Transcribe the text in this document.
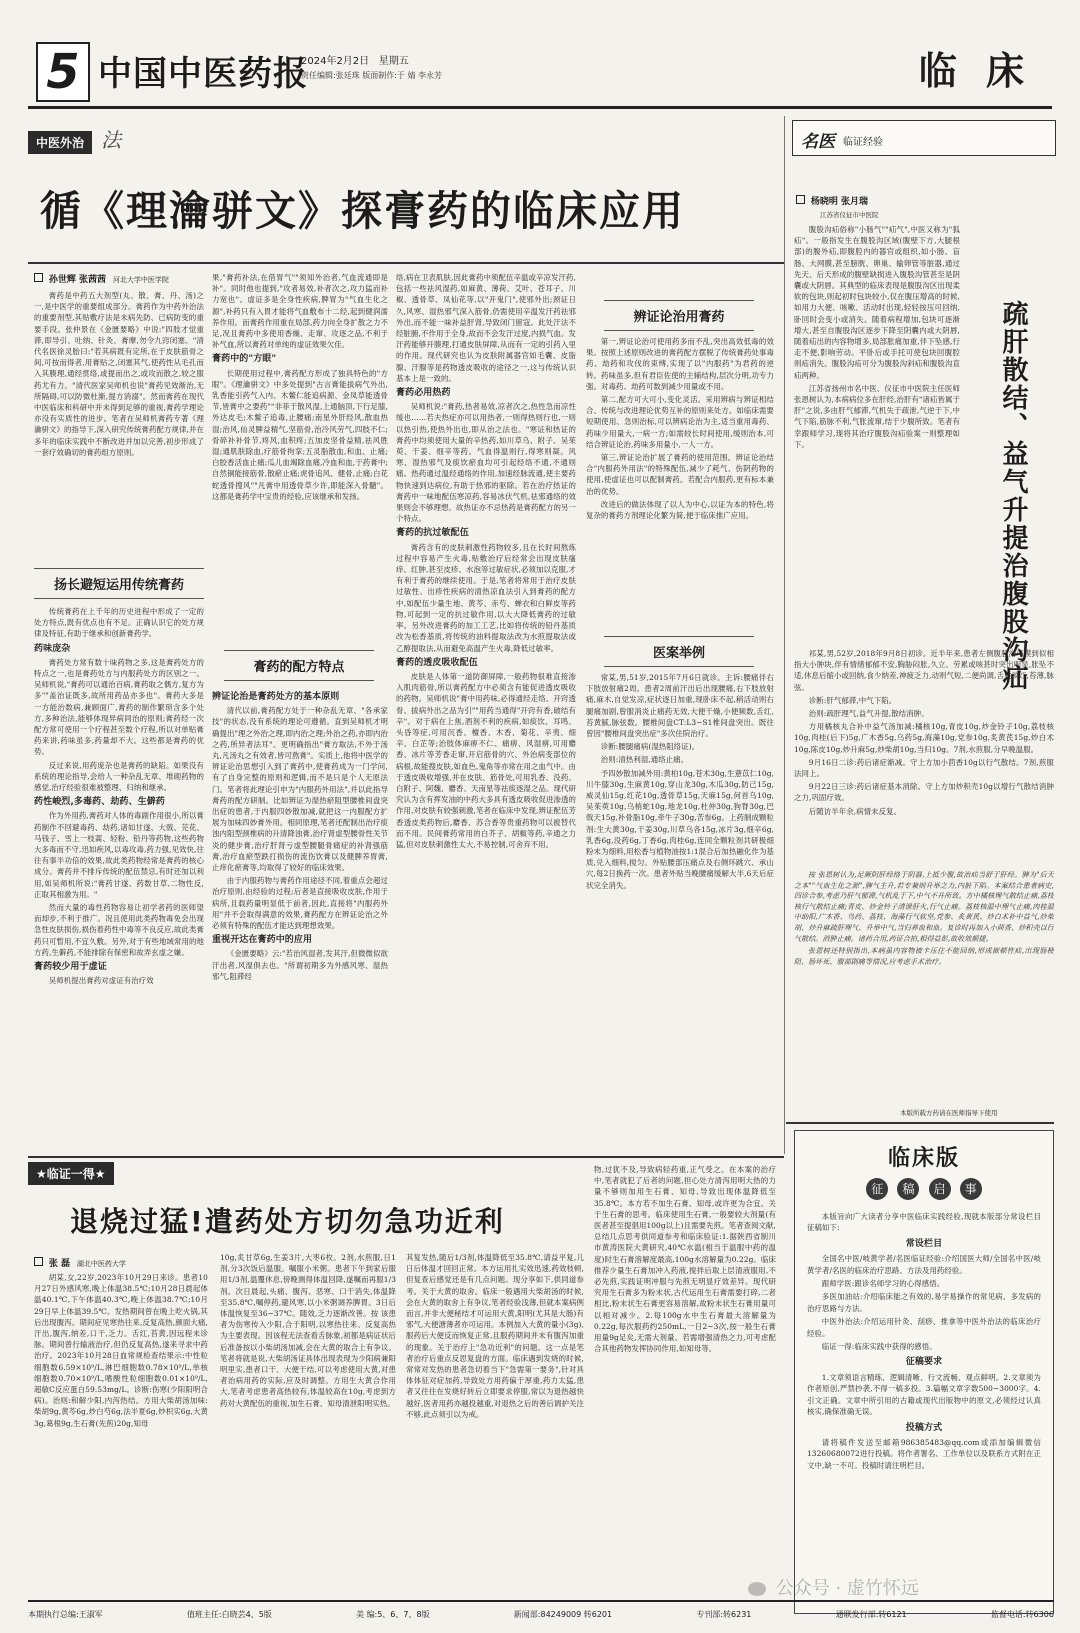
5 中国中医药报
2024年2月2日 星期五
责任编辑:张廷珠 版面制作:于 婧 李永芳	临 床
中医外治 法
循《理瀹骈文》探膏药的临床应用
孙世辉 张茜茜 河北大学中医学院

膏药是中药五大剂型(丸、散、膏、丹、汤)之一,是中医学的重要组成部分。膏药作为中药外治法的重要剂型,其贴敷疗法是未病先防、已病防变的重要手段。张仲景在《金匮要略》中说:"四肢才觉重滞,即导引、吐纳、针灸、膏摩,勿令九窍闭塞。"清代名医徐灵胎曰:"若其病既有定所,在于皮肤筋骨之间,可按而得者,用膏贴之,闭塞其气,使药性从毛孔而入其腠理,通经贯络,或提而出之,或攻而散之,较之服药尤有力。"清代医家吴师机也说"膏药见效渐治,无所隔碍,可以防微杜渐,提方消溺"。然而膏药在现代中医临床和科研中并未得到足够的重视,膏药学理论亦没有实质性的进步。笔者在吴师机膏药专著《理瀹骈文》的指导下,深入研究传统膏药配方规律,并在多年的临床实践中不断改进并加以完善,初步形成了一套疗效确切的膏药组方原则。

扬长避短运用传统膏药

传统膏药在上千年的历史进程中形成了一定的处方特点,既有优点也有不足。正确认识它的处方规律及特征,有助于继承和创新膏药学。

药味庞杂

膏药处方常有数十味药物之多,这是膏药处方的特点之一,也是膏药处方与内服药处方的区别之一。吴师机说,"膏药可以通治百病,膏药取之偶方,复方为多""盖治证既多,故所用药品亦多也"。膏药大多是一方能治数病,兼顾面广,膏药的制作繁琐含多个处方,多种治法,能够体现异病同治的原则;膏药经一次配方常可使用一个疗程甚至数个疗程,所以对单贴膏药来讲,药味虽多,药量却不大。这些都是膏药的优势。

反过来说,用药庞杂也是膏药的缺陷。如果没有系统的理论指导,会给人一种杂乱无章、堆砌药物的感觉,治疗经验很难被整理、归纳和继承。

药性峻烈,多毒药、劫药、生僻药

作为外用药,膏药对人体的毒副作用很小,所以膏药制作不回避毒药、劫药,诸如甘遂、大戟、芫花、马钱子、雪上一枝蒿、轻粉、铅丹等药物,这些药物大多毒而不守,迅如疾风,以毒攻毒,药力强,见效快,往往有事半功倍的效果,故此类药物经常是膏药的核心成分。膏药并不排斥传统的配伍禁忌,有时还加以利用,如吴师机所说:"膏药甘遂、药数甘草,二物性反,正取其相激为用。"

然而大量的毒性药物容易让初学者药的医师望而却步,不利于推广。况且使用此类药物毒免会出现急性皮肤损伤,损伤着药性中毒等不良反应,故此类膏药只可暂用,不宜久敷。另外,对于有些地域常用的地方药,生僻药,不能排除有保密和故弄玄虚之嫌。

膏药较少用于虚证

吴师机提出膏药对虚证有治疗效

果,"膏药补法,在借胃气""须知外治者,气血流通即是补"。同时他也提到,"攻者易效,补者次之,攻力猛而补力宽也"。虚证多是全身性疾病,脾胃为"气血生化之源",补药只有入胃才能将气血敷布十二经,起到健润濡养作用。而膏药作用重在局部,药力向全身扩散之力不足,况且膏药中多使用香燥、走窜、攻逐之品,不利于补气血,所以膏药对单纯的虚证效果欠佳。

膏药中的"方眼"

长期使用过程中,膏药配方形成了独具特色的"方眼"。《理瀹骈文》中多处提到"古言膏能拔病气外出,乳香能引药气入内、木鳖仁能追病源、金凤草能透骨节,皆膏中之要药""非菲于散风湿,上通脑顶,下行足膝,外达皮毛;木鳖子追毒,止腰痛;南星外肝经风,散血热湿;治风,仙灵脾益精气,坚筋骨,治冷风劳气,四肢不仁;骨碎补补骨节,疼风,血积疼;五加皮坚骨益精,祛风胜湿;通肌肤除血,疗筋骨拘挛;五灵脂散血,和血、止痛;白胶香活血止痛;瓜儿血竭除血痛,冷血和血,于药膏中;自然铜能接筋骨,散瘀止痛;虎骨追风、健骨,止痛;白花蛇透骨搜风""凡膏中用透骨草少许,即能深入骨髓"。这都是膏药学中宝贵的经验,应该继承和发扬。

膏药的配方特点
辨证论治是膏药处方的基本原则

清代以前,膏药配方处于一种杂乱无章、"各承家技"的状态,没有系统的理论可遵循。直到吴师机才明确提出"理之外治之理,即内治之理;外治之药,亦即内治之药,所异者法耳"。更明确指出"膏方取法,不外于汤丸,凡汤丸之有效者,皆可熬膏"。实质上,他将中医学的辨证论治思想引入到了膏药中,使膏药成为一门学问,有了自身完整的原则和逻辑,而不是只是个人无原法门。笔者将此理论引申为"内服药外用法",并以此指导膏药的配方研制。比如辨证为湿热瘀阻型腰椎间盘突出症的患者,于内服四妙散加减,就把这一内服配方扩展为加味四妙膏外用。相同原理,笔者还配制出治疗痰浊内阻型颈椎病的升清降浊膏,治疗肾虚型腰骨性关节炎的健步膏,治疗肝肾亏虚型腰腿骨痛症的补肾强筋膏,治疗血瘀型跌打损伤的流伤饮膏以及健脾养胃膏,止痒化瘀膏等,均取得了较好的临床效果。

由于内服药物与膏药作用途径不同,着重点会超过治疗原则,由经验的过程;后者是直接吸收皮肤,作用于病所,且载药量明显低于前者,因此,直接将"内服药外用"并不会取得满意的效果,膏药配方在辨证论治之外必须有特殊的配伍才能达到理想效果。

重视开达在膏药中的应用

《金匮要略》云:"若治风湿者,发其汗,但微微似欲汗出者,风湿俱去也。"所谓初期多为外感风寒、湿热邪气,阻滞经

络,病在卫表肌肤,因此膏药中须配伍辛温或辛凉发汗药,包括一些祛风湿药,如麻黄、薄荷、艾叶、苍耳子、川椒、透骨草、凤仙花等,以"开鬼门",使邪外出;颈证日久,风寒、湿热邪气深入筋骨,仍需使用辛温发汗药祛邪外出,而不能一味补益肝肾,导致闭门留寇。此处汗法不经脏腑,不作用于全身,故而不会发汗过度,内损气血。发汗药能够开腠理,打通皮肤屏障,从而有一定的引药入里的作用。现代研究也认为皮肤附属器官如毛囊、皮脂腺、汗腺等是药物透皮吸收的途径之一,这与传统认识基本上是一致的。

膏药必用热药

吴师机说:"膏药,热者易效,凉者次之,热性急而凉性缓也……若夫热症亦可以用热者,一则得热则行也,一则以热引热,使热外出也,即从治之法也。"寒证和热证的膏药中均须使用大量的辛热药,如川草乌、附子、吴茱萸、干姜、细辛等药。气血得温则行,得寒则凝。风寒、湿热邪气及痰饮瘀血均可引起经络不通,不通则痛。热药通过温经通络的作用,加速经脉流通,使主要药物快速到达病位,有助于热邪的驱除。若在治疗热证的膏药中一味地配伍寒凉药,容易冰伏气机,祛邪通络的效果则会不够理想。故热证亦不忌热药是膏药配方的另一个特点。

膏药的抗过敏配伍

膏药含有的皮肤刺激性药物较多,且在长时间熬炼过程中容易产生火毒,贴敷治疗后经常会出现皮肤瘙痒、红肿,甚至皮疹、水泡等过敏症状,必须加以克服,才有利于膏药的继续使用。于是,笔者将常用于治疗皮肤过敏性、出疹性疾病的清热凉血法引入到膏药的配方中,如配伍少量生地、黄芩、赤芍、蝉衣和白鲜皮等药物,可起到一定的抗过敏作用,以大大降低膏药的过敏率。另外改进膏药的加工工艺,比如将传统的铅丹基质改为松香基质,将传统的油料提取法改为水煎提取法或乙醇提取法,从而避免高温产生火毒,降低过敏率。

膏药的透皮吸收配伍

皮肤是人体第一道防御屏障,一般药物很难直接渗入肌肉筋骨,所以膏药配方中必须含有能促进透皮吸收的药物。吴师机说"膏中用药味,必得通经走络、开窍透骨、拔病外出之品为引""用药当通得"开窍有香,破结有辛"。对于病在上焦,酒剂不利的疾病,如痰饮、耳鸣、头昏等症,可用沉香、檀香、木香、菊花、辛夷、细辛、白芷等;治肢体麻痹不仁、痛痹、风湿痹,可用麝香、冰片等芳香走窜,开启筋骨的穴、外治病变部位的病根,故能搜皮肤,如血色,鬼角等亦常在用之血气中。由于透皮吸收增强,并在皮肤、筋骨处,可用乳香、没药、白附子、阿魏、麝香、天南星等祛痰逐湿之品。现代研究认为含有挥发油的中药大多具有透皮吸收促进渗透的作用,对皮肤有较强刺激,笔者在临床中发现,辨证配伍芳香透皮类药物后,麝香、苏合香等贵重药物可以被替代而不用。民间膏药常用的白芥子、胡椒等药,辛通之力猛,但对皮肤刺激性太大,不易控制,可舍弃不用。

辨证论治用膏药

第一,辨证论治可使用药多而不乱,突出高效低毒的效果。按照上述原则改进的膏药配方摆脱了传统膏药处事毒药、劫药和攻伐的束缚,实现了以"内服药"为君药的逆转。药味虽多,但有君臣佐使的主辅结构,层次分明,功专力强。对毒药、劫药可数到减少用量或不用。

第二,配方可大可小,变化灵活。采用辨病与辨证相结合、传统与改进理论优势互补的原则来处方。如临床需要短期使用、急则治标,可以辨病论治为主,适当重用毒药、药味少用量大,一病一方;如需较长时间使用,缓则治本,可结合辨证论治,药味多用量小,一人一方。

第三,辨证论治扩展了膏药的使用范围。辨证论治结合"内服药外用法"的特殊配伍,减少了耗气、伤阴药物的使用,使虚证也可以配制膏药。若配合内服药,更有标本兼治的优势。

改进后的做法体现了以人为中心,以证为本的特色,将复杂的膏药方剂理论化繁为简,便于临床推广应用。

医案举例

常某,男,51岁,2015年7月6日就诊。主诉:腰痛伴右下肢放射痛2周。患者2周前汗出后出现腰痛,右下肢放射痛,麻木,自觉发凉,症状逐日加重,现卧床不起,稍活动则右腿痛加剧,曾服消炎止痛药无效,大便干燥,小便频数,舌红,苔黄腻,脉弦数。腰椎间盘CT:L3~S1椎间盘突出。既往曾因"腰椎间盘突出症"多次住院治疗。

诊断:腰腿痛病(湿热阻络证)。

治则:清热利湿,通络止痛。

予四妙散加减外用:黄柏10g,苍术30g,生薏苡仁10g,川牛膝30g,生麻黄10g,穿山龙30g,木瓜30g,防己15g,威灵仙15g,红花10g,透骨草15g,天麻15g,何首乌10g,吴茱萸10g,乌梢蛇10g,地龙10g,杜仲30g,狗脊30g,巴戟天15g,补骨脂10g,牵牛子30g,苦参6g。上药制成颗粒剂:生大黄30g,干姜30g,川草乌各15g,冰片3g,细辛6g,乳香6g,没药6g,丁香6g,肉桂6g,连同全颗粒剂共研极细粉末为细料,用松香与植物油按1:1混合后加热融化作为基质,兑入细料,搅匀。外贴腰部压痛点及右侧环跳穴、承山穴,每2日换药一次。患者外贴当晚腰痛缓解大半,6天后症状完全消失。

名医 临证经验
杨晓明 张月瑞
江苏省仪征市中医院
疏肝散结、益气升提治腹股沟疝

腹股沟疝俗称"小肠气""疝气",中医又称为"狐疝"。一般指发生在腹股沟区域(腹壁下方,大腿根部)的腹外疝,即腹腔内的器官或组织,如小肠、盲肠、大网膜,甚至膀胱、卵巢、输卵管等脏器,通过先天、后天形成的腹壁缺损进入腹股沟管甚至是阴囊或大阴唇。其典型的临床表现是腹股沟区出现柔软的包块,则起初时包块较小,仅在腹压增高的时候,如用力大便、咳嗽、活动时出现,轻轻按压可回纳,卧回时会变小或消失。随着病程增加,包块可逐渐增大,甚至自腹股沟区逐步下降至阴囊内或大阴唇,随着疝出的内容物增多,局部胀痛加重,伴下坠感,行走不便,影响劳动。平卧后或手托可使包块回腹腔则疝消失。腹股沟疝可分为腹股沟斜疝和腹股沟直疝两种。

江苏省扬州市名中医、仪征市中医院主任医师张恩树认为,本病病位多在肝经,治肝有"诸疝皆属于肝"之说,多由肝气郁滞,气机失于疏泄,气逆于下,中气下陷,筋脉不利,气胀流窜,结于少腹所致。笔者有幸跟师学习,现将其治疗腹股沟疝验案一则整理如下。

祁某,男,52岁,2018年9月8日初诊。近半年来,患者左侧腹股沟可摸到似相指大小肿块,伴有情绪郁郁不安,胸胁闷胀,久立、劳累或咳甚时突出明显,胀坠不适,休息后缩小或回纳,食少纳差,神疲乏力,动则气短,二便尚调,舌质淡红,苔薄,脉弦。

诊断:肝气郁滞,中气下陷。

治则:疏肝理气,益气升提,散结消肿。

方用橘核丸合补中益气汤加减:橘核10g,青皮10g,炒金铃子10g,荔枝核10g,肉桂(后下)5g,广木香5g,乌药5g,海藻10g,党参10g,炙黄芪15g,炒白术10g,陈皮10g,炒升麻5g,炒柴胡10g,当归10g。7剂,水煎服,分早晚温服。

9月16日二诊:药后诸症渐减。守上方加小茴香10g以行气散结。7剂,煎服法同上。

9月22日三诊:药后诸症基本消除。守上方加炒积壳10g以增行气散结消肿之力,巩固疗效。

后随访半年余,病情未反复。

按 张恩树认为,足厥阴肝经络于阴器,上抵少腹,故治疝当舒于肝经。脾为"后天之本""气血生化之源",脾气主升,若专兼则升举之力,内脏下陷。本案结合患者病史,四诊合参,考虑乃肝气郁滞,气机乱于下,中气不升所致。方中橘核理气散结止痛,荔枝核行气散结止痛;青皮、炒金铃子清泄肝火,行气止痛。荔枝核温中理气止痛,肉桂温中助阳,广木香、乌药、荔枝、海藻行气软坚,党参、炙黄芪、炒白术补中益气,炒柴胡、炒升麻疏肝理气、升举中气,当归养血和血。复诊时再加入小茴香、炒积壳以行气散结。消肿止痛。诸药合用,药证合拍,相得益彰,故收效颇捷。

张恩树还特别指出,本病虽内容物被卡压住不能回纳,形成嵌顿性疝,出现肠梗阻、肠坏死、腹部剧痛等情况,应考虑手术治疗。

本版所载方药请在医师指导下使用
临床版
征 稿 启 事

本版旨向广大读者分享中医临床实践经验,现就本版部分常设栏目征稿如下:

常设栏目

全国名中医/岐黄学者/名医临证经验:介绍国医大师/全国名中医/岐黄学者/名医的临床治疗思路、方法及用药经验。

跟师学医:跟诊名师学习的心得感悟。

多医加油站:介绍临床能之有效的,易学易操作的常见病、多发病的治疗思路与方法。

中医外治法:介绍运用针灸、刮痧、推拿等中医外治法的临床治疗经验。

临证一得:临床实践中获得的感悟。

征稿要求

1.文章须语言精练、逻辑清晰、行文流畅、观点鲜明。2.文章须为作者原创,严禁抄袭,不得一稿多投。3.篇幅文章字数500~3000字。4.引文正确。文章中所引用的古籍或现代出版物中的原文,必须经过认真核实,确保准确无误。

投稿方式

请将稿件发送至邮箱986385483@qq.com或添加编辑微信13260680072进行投稿。将作者署名、工作单位以及联系方式附在正文中,缺一不可。投稿时请注明栏目。

★临证一得★
退烧过猛!遣药处方切勿急功近利
张 磊 湖北中医药大学

胡某,女,22岁,2023年10月29日来诊。患者10月27日外感风寒,晚上体温38.5℃;10月28日晨起体温40.1℃,下午体温40.3℃,晚上体温38.7℃;10月29日早上体温39.5℃。发热期间曾在晚上吃火锅,其后出现腹泻。期间症见寒热往来,反复高热,颜面大痛,汗出,腹泻,纳差,口干,乏力。舌红,苔黄,因远程未诊脉。期间曾行输液治疗,但仍反复高热,遂来寻求中药治疗。2023年10月28日血常规检查结果示:中性粒细胞数6.59×10⁹/L,淋巴细胞数0.78×10⁹/L,单核细胞数0.70×10⁹/L,嗜酸性粒细胞数0.01×10⁹/L,超敏C反应蛋白59.53mg/L。诊断:伤寒(少阳阳明合病)。治则:和解少阳,内泻热结。方用大柴胡汤加味:柴胡9g,黄芩6g,炒白芍6g,法半夏6g,炒枳实6g,大黄3g,葛根9g,生石膏(先煎)20g,知母

10g,炙甘草6g,生姜3片,大枣6枚。2剂,水煎服,日1剂,分3次饭后温服。嘱服小米粥。患者下午到家后服用1/3剂,温覆休息,傍晚测得体温回降,遂嘱而再服1/3剂。次日晨起,头痛、腹泻、恶寒、口干消失,体温降至35.8℃,嘱停药,避风寒,以小米粥调养脾胃。3日后体温恢复至36~37℃。随效,乏力逐渐改善。按 该患者为伤寒传入少阳,合于阳明,以寒热往来、反复高热为主要表现。因该程无法查看舌脉象,初都是病证状后后准备按以小柴胡汤加减,会在大黄的取合上有争议。笔者将就是说,大柴胡汤证具体出现表现为少阳病兼阳明里实,患者口干、大便干结,可以考虑使用大黄,对患者治病用药的实际,应及时调整。方用生大黄合作用大,笔者考虑患者高热较有,体温较高在10g,考虑到方药对大黄配伍的重视,加生石膏、知母清泄阳明实热。

其复发热,随后1/3剂,体温降低至35.8℃,请益平复,儿日后体温才回回正常。本方运用扎实效迅速,药效枝顿,但复查后感觉还是有几点问题。现分享如下,供同道参考。关于大黄的取舍。临床一般遇用大柴胡汤的时候,会在大黄的取舍上有争议,笔者经验浅薄,但就本案病例而言,并非大便秘结才可运用大黄,阳明(尤其是大肠)有邪气,大便溏薄者亦可运用。本例加入大黄的量小(3g),服药后大便反而恢复正常,且服药期间并未有腹泻加重的现象。关于治疗上"急功近利"的问题。这一点是笔者治疗后重点反思复盘的方面。临床遇到发烧的时候,常常对发热的患者急切着当下"急需第一要务",针对具体体征对症加药,导致处方用药偏于厚重,药力太猛,患者又往往在发烧好转后立即要求停服,常以为退热越快越好,医者用药亦越投越重,对退热之后的善后调护关注不够,此点须引以为戒。

物,过犹不及,导致病轻药重,正气受之。在本案的治疗中,笔者就犯了后者的问题,担心处方清泻用明大热的力量不够则加用生石膏、知母,导致出现体温降低至35.8℃。本方若不加生石膏、知母,或许更为合宜。关于生石膏的思考。临床使用生石膏,一般要较大剂量(有医者甚至提倡用100g以上)且需要先煎。笔者查阅文献,总结几点思考供同道参考和临床验证:1.据陕西省制川市黄涛医院大黄研究,40℃水温(相当于温服中药的温度)时生石膏溶解度最高,100g水溶解量为0.22g。临床推荐少量生石膏加冲入药液,搅拌后取上层清液服用,不必先煎,实践证明冲服与先煎无明显疗效差异。现代研究用生石膏多为粉末状,古代运用生石膏需要打碎,二者相比,粉末状生石膏更容易溶解,故粉末状生石膏用量可以相对减少。2.每100g水中生石膏最大溶解量为0.22g,每次服药约250mL,一日2~3次,按一般生石膏用量9g足矣,无需大剂量。若需增强清热之力,可考虑配合其他药物发挥协同作用,如知母等。

公众号 · 虚竹怀远
本期执行总编:王淑军	值班主任:白晓芸4、5版	美 编:5、6、7、8版	新闻部:84249009 转6201	专刊部:转6231	通联发行部:转6121	监督电话:转6306
